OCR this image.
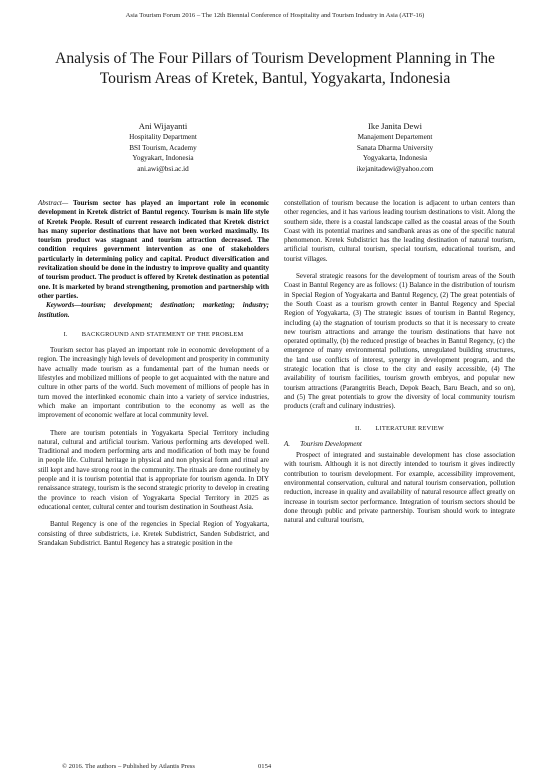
Asia Tourism Forum 2016 – The 12th Biennial Conference of Hospitality and Tourism Industry in Asia (ATF-16)
Analysis of The Four Pillars of Tourism Development Planning in The Tourism Areas of Kretek, Bantul, Yogyakarta, Indonesia
Ani Wijayanti
Hospitality Department
BSI Tourism, Academy
Yogyakart, Indonesia
ani.awi@bsi.ac.id
Ike Janita Dewi
Manajement Departement
Sanata Dharma University
Yogyakarta, Indonesia
ikejanitadewi@yahoo.com

Abstract— Tourism sector has played an important role in economic development in Kretek district of Bantul regency. Tourism is main life style of Kretek People. Result of current research indicated that Kretek district has many superior destinations that have not been worked maximally. Its tourism product was stagnant and tourism attraction decreased. The condition requires government intervention as one of stakeholders particularly in determining policy and capital. Product diversification and revitalization should be done in the industry to improve quality and quantity of tourism product. The product is offered by Kretek destination as potential one. It is marketed by brand strengthening, promotion and partnership with other parties.

Keywords—tourism; development; destination; marketing; industry; institution.

I. BACKGROUND AND STATEMENT OF THE PROBLEM

Tourism sector has played an important role in economic development of a region. The increasingly high levels of development and prosperity in community have actually made tourism as a fundamental part of the human needs or lifestyles and mobilized millions of people to get acquainted with the nature and culture in other parts of the world. Such movement of millions of people has in turn moved the interlinked economic chain into a variety of service industries, which make an important contribution to the economy as well as the improvement of economic welfare at local community level.

There are tourism potentials in Yogyakarta Special Territory including natural, cultural and artificial tourism. Various performing arts developed well. Traditional and modern performing arts and modification of both may be found in people life. Cultural heritage in physical and non physical form and ritual are still kept and have strong root in the community. The rituals are done routinely by people and it is tourism potential that is appropriate for tourism agenda. In DIY renaissance strategy, tourism is the second strategic priority to develop in creating the province to reach vision of Yogyakarta Special Territory in 2025 as educational center, cultural center and tourism destination in Southeast Asia.

Bantul Regency is one of the regencies in Special Region of Yogyakarta, consisting of three subdistricts, i.e. Kretek Subdistrict, Sanden Subdistrict, and Srandakan Subdistrict. Bantul Regency has a strategic position in the

constellation of tourism because the location is adjacent to urban centers than other regencies, and it has various leading tourism destinations to visit. Along the southern side, there is a coastal landscape called as the coastal areas of the South Coast with its potential marines and sandbank areas as one of the specific natural phenomenon. Kretek Subdistrict has the leading destination of natural tourism, artificial tourism, cultural tourism, special tourism, educational tourism, and tourist villages.

Several strategic reasons for the development of tourism areas of the South Coast in Bantul Regency are as follows: (1) Balance in the distribution of tourism in Special Region of Yogyakarta and Bantul Regency, (2) The great potentials of the South Coast as a tourism growth center in Bantul Regency and Special Region of Yogyakarta, (3) The strategic issues of tourism in Bantul Regency, including (a) the stagnation of tourism products so that it is necessary to create new tourism attractions and arrange the tourism destinations that have not operated optimally, (b) the reduced prestige of beaches in Bantul Regency, (c) the emergence of many environmental pollutions, unregulated building structures, the land use conflicts of interest, synergy in development program, and the strategic location that is close to the city and easily accessible, (4) The availability of tourism facilities, tourism growth embryos, and popular new tourism attractions (Parangtritis Beach, Depok Beach, Baru Beach, and so on), and (5) The great potentials to grow the diversity of local community tourism products (craft and culinary industries).

II. LITERATURE REVIEW
A. Tourism Development

Prospect of integrated and sustainable development has close association with tourism. Although it is not directly intended to tourism it gives indirectly contribution to tourism development. For example, accessibility improvement, environmental conservation, cultural and natural tourism conservation, pollution reduction, increase in quality and availability of natural resource affect greatly on increase in tourism sector performance. Integration of tourism sectors should be done through public and private partnership. Tourism should work to integrate natural and cultural tourism,

© 2016. The authors – Published by Atlantis Press	0154
